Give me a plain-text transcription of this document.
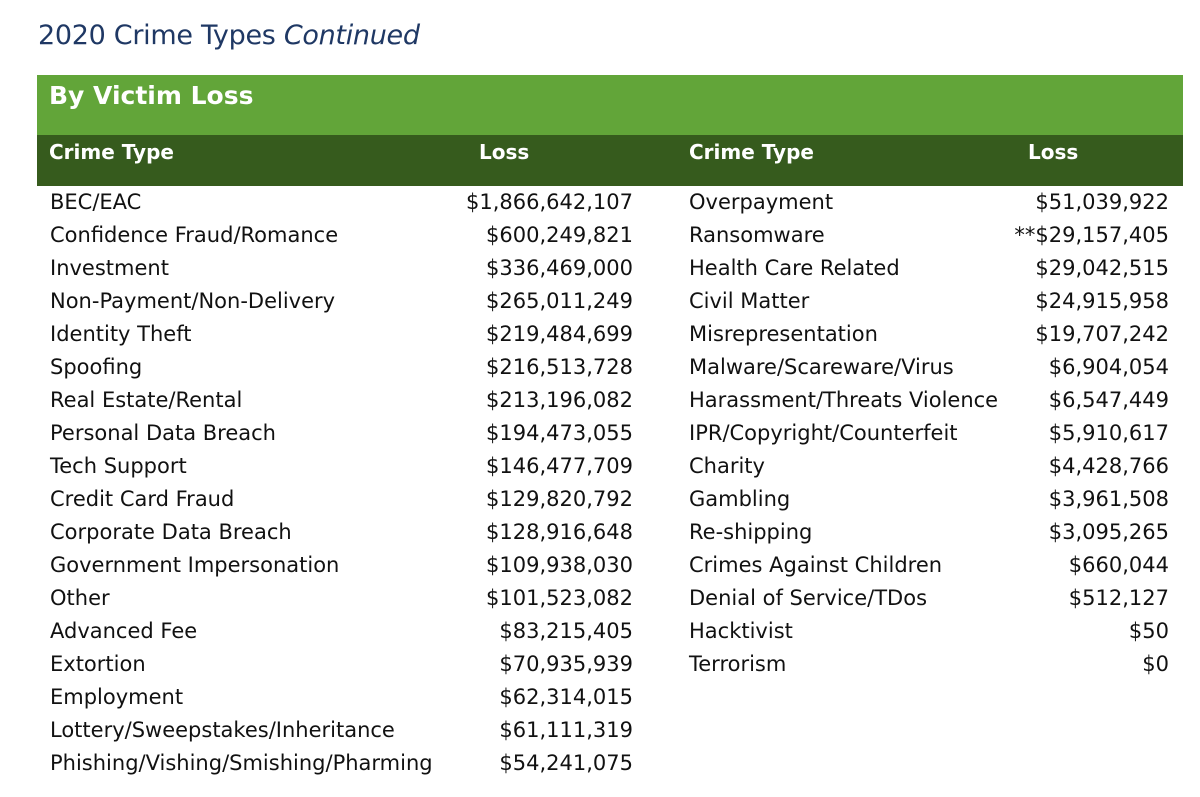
2020 Crime Types Continued
By Victim Loss
Crime Type	Loss	Crime Type	Loss
BEC/EAC	$1,866,642,107
Confidence Fraud/Romance	$600,249,821
Investment	$336,469,000
Non-Payment/Non-Delivery	$265,011,249
Identity Theft	$219,484,699
Spoofing	$216,513,728
Real Estate/Rental	$213,196,082
Personal Data Breach	$194,473,055
Tech Support	$146,477,709
Credit Card Fraud	$129,820,792
Corporate Data Breach	$128,916,648
Government Impersonation	$109,938,030
Other	$101,523,082
Advanced Fee	$83,215,405
Extortion	$70,935,939
Employment	$62,314,015
Lottery/Sweepstakes/Inheritance	$61,111,319
Phishing/Vishing/Smishing/Pharming	$54,241,075
Overpayment	$51,039,922
Ransomware	**$29,157,405
Health Care Related	$29,042,515
Civil Matter	$24,915,958
Misrepresentation	$19,707,242
Malware/Scareware/Virus	$6,904,054
Harassment/Threats Violence $6,547,449
IPR/Copyright/Counterfeit	$5,910,617
Charity	$4,428,766
Gambling	$3,961,508
Re-shipping	$3,095,265
Crimes Against Children	$660,044
Denial of Service/TDos	$512,127
Hacktivist	$50
Terrorism	$0
